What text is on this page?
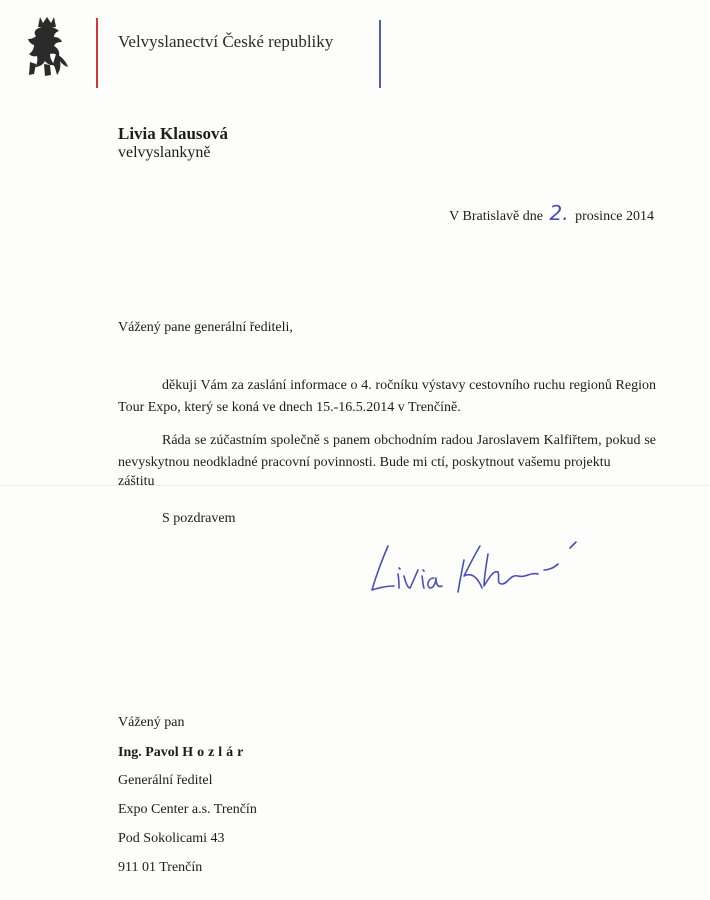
Velvyslanectví České republiky
Livia Klausová
velvyslankyně
V Bratislavě dne 2. prosince 2014
Vážený pane generální řediteli,
děkuji Vám za zaslání informace o 4. ročníku výstavy cestovního ruchu regionů Region Tour Expo, který se koná ve dnech 15.-16.5.2014 v Trenčíně.
Ráda se zúčastním společně s panem obchodním radou Jaroslavem Kalfiřtem, pokud se nevyskytnou neodkladné pracovní povinnosti. Bude mi ctí, poskytnout vašemu projektu
záštitu
S pozdravem
Vážený pan
Ing. Pavol Hozlár
Generální ředitel
Expo Center a.s. Trenčín
Pod Sokolicami 43
911 01 Trenčín
